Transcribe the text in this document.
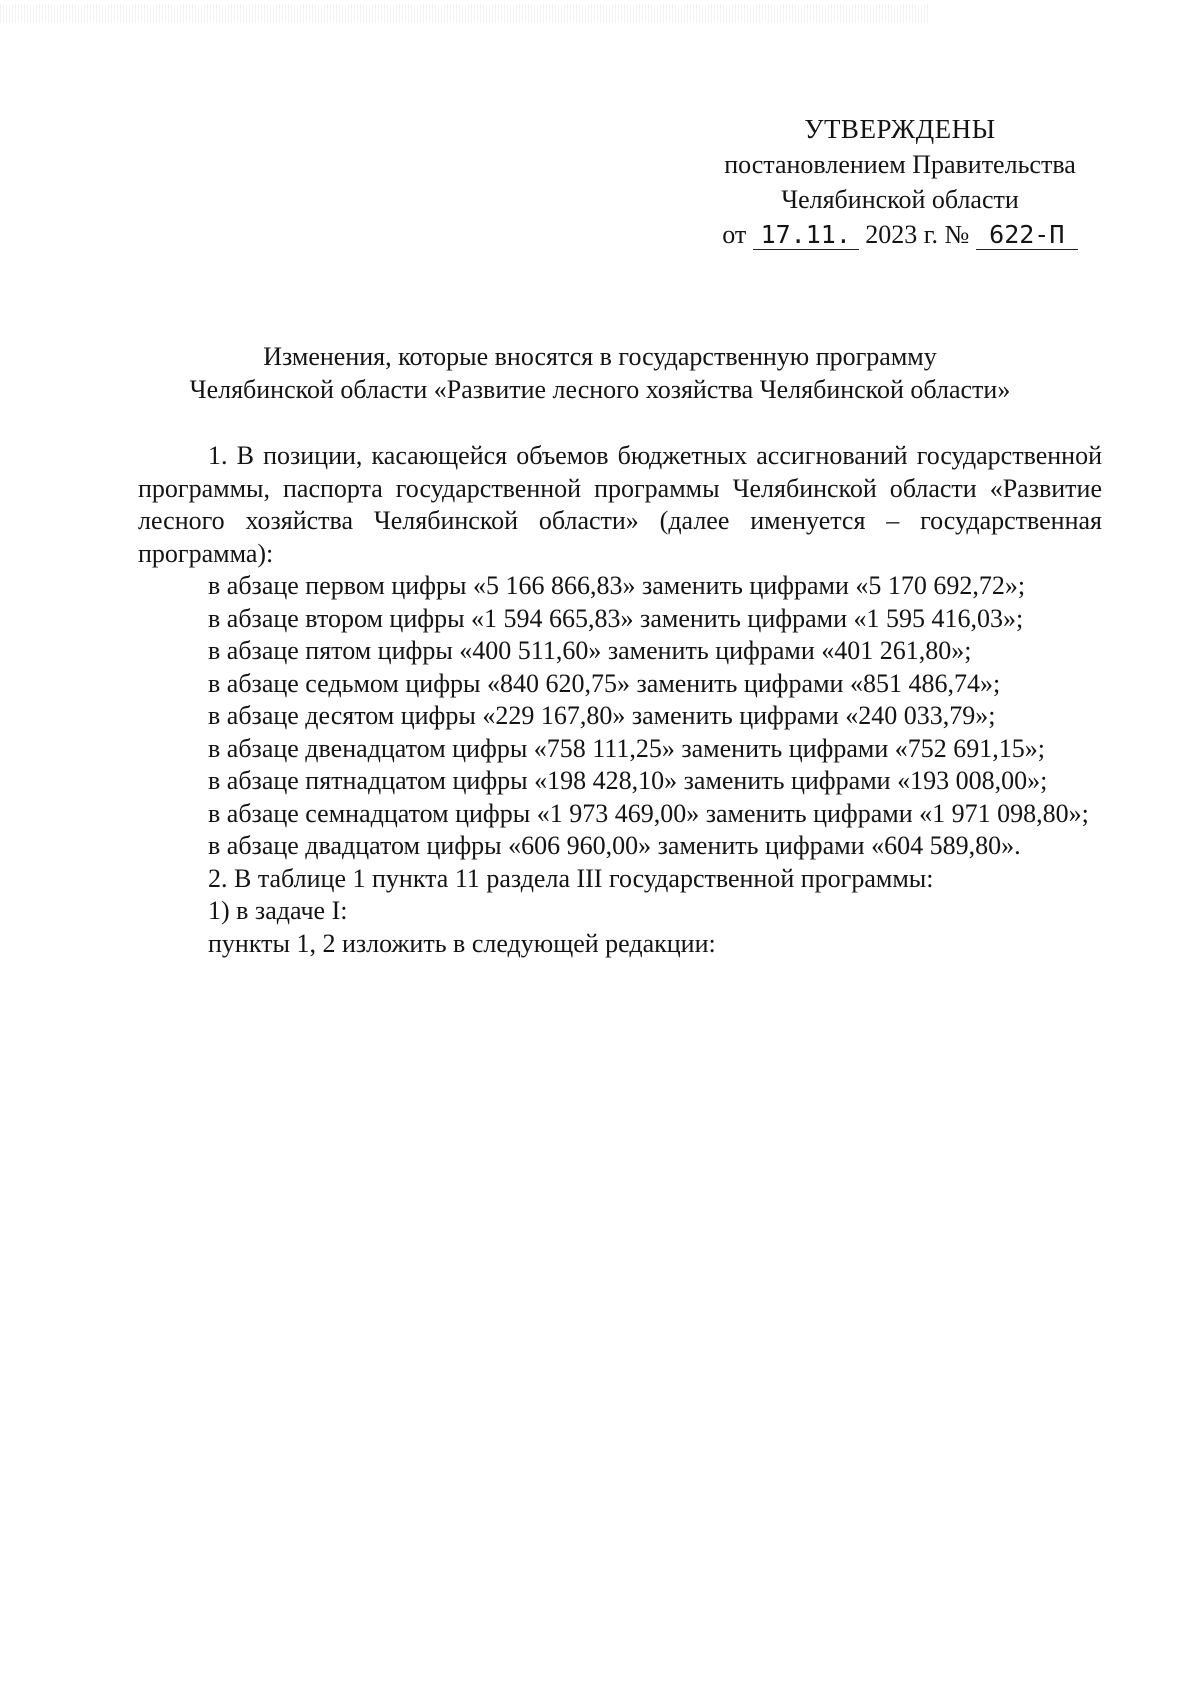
УТВЕРЖДЕНЫ
постановлением Правительства
Челябинской области
от 17.11. 2023 г. № 622-П
Изменения, которые вносятся в государственную программу
Челябинской области «Развитие лесного хозяйства Челябинской области»

1. В позиции, касающейся объемов бюджетных ассигнований государственной программы, паспорта государственной программы Челябинской области «Развитие лесного хозяйства Челябинской области» (далее именуется – государственная программа):

в абзаце первом цифры «5 166 866,83» заменить цифрами «5 170 692,72»;

в абзаце втором цифры «1 594 665,83» заменить цифрами «1 595 416,03»;

в абзаце пятом цифры «400 511,60» заменить цифрами «401 261,80»;

в абзаце седьмом цифры «840 620,75» заменить цифрами «851 486,74»;

в абзаце десятом цифры «229 167,80» заменить цифрами «240 033,79»;

в абзаце двенадцатом цифры «758 111,25» заменить цифрами «752 691,15»;

в абзаце пятнадцатом цифры «198 428,10» заменить цифрами «193 008,00»;

в абзаце семнадцатом цифры «1 973 469,00» заменить цифрами «1 971 098,80»;

в абзаце двадцатом цифры «606 960,00» заменить цифрами «604 589,80».

2. В таблице 1 пункта 11 раздела III государственной программы:

1) в задаче I:

пункты 1, 2 изложить в следующей редакции:
